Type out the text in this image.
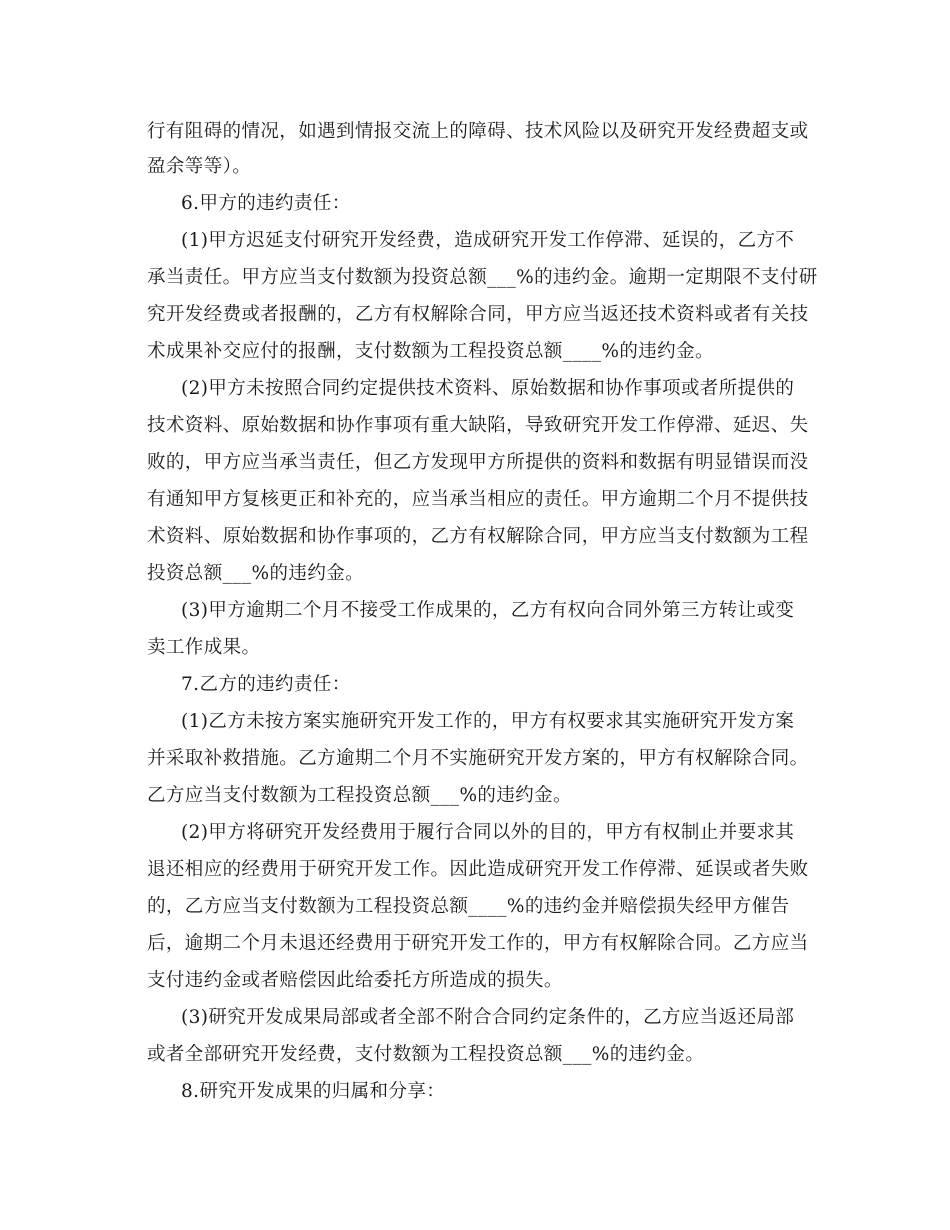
行有阻碍的情况，如遇到情报交流上的障碍、技术风险以及研究开发经费超支或
盈余等等）。
6.甲方的违约责任：
(1)甲方迟延支付研究开发经费，造成研究开发工作停滞、延误的，乙方不
承当责任。甲方应当支付数额为投资总额___%的违约金。逾期一定期限不支付研
究开发经费或者报酬的，乙方有权解除合同，甲方应当返还技术资料或者有关技
术成果补交应付的报酬，支付数额为工程投资总额____%的违约金。
(2)甲方未按照合同约定提供技术资料、原始数据和协作事项或者所提供的
技术资料、原始数据和协作事项有重大缺陷，导致研究开发工作停滞、延迟、失
败的，甲方应当承当责任，但乙方发现甲方所提供的资料和数据有明显错误而没
有通知甲方复核更正和补充的，应当承当相应的责任。甲方逾期二个月不提供技
术资料、原始数据和协作事项的，乙方有权解除合同，甲方应当支付数额为工程
投资总额___%的违约金。
(3)甲方逾期二个月不接受工作成果的，乙方有权向合同外第三方转让或变
卖工作成果。
7.乙方的违约责任：
(1)乙方未按方案实施研究开发工作的，甲方有权要求其实施研究开发方案
并采取补救措施。乙方逾期二个月不实施研究开发方案的，甲方有权解除合同。
乙方应当支付数额为工程投资总额___%的违约金。
(2)甲方将研究开发经费用于履行合同以外的目的，甲方有权制止并要求其
退还相应的经费用于研究开发工作。因此造成研究开发工作停滞、延误或者失败
的，乙方应当支付数额为工程投资总额____%的违约金并赔偿损失经甲方催告
后，逾期二个月未退还经费用于研究开发工作的，甲方有权解除合同。乙方应当
支付违约金或者赔偿因此给委托方所造成的损失。
(3)研究开发成果局部或者全部不附合合同约定条件的，乙方应当返还局部
或者全部研究开发经费，支付数额为工程投资总额___%的违约金。
8.研究开发成果的归属和分享：
